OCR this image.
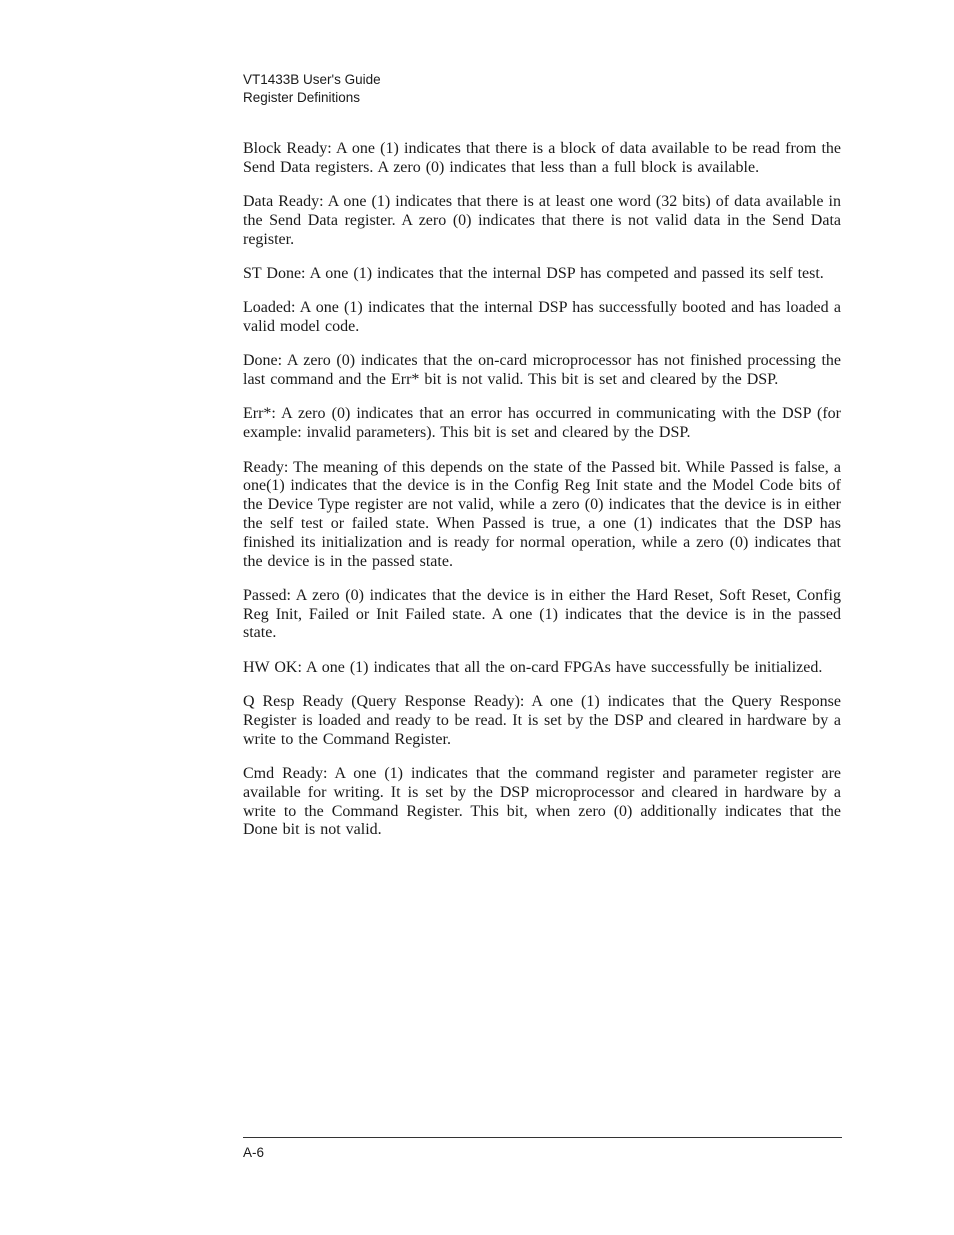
VT1433B User's Guide
Register Definitions

Block Ready: A one (1) indicates that there is a block of data available to be read from the Send Data registers. A zero (0) indicates that less than a full block is available.

Data Ready: A one (1) indicates that there is at least one word (32 bits) of data available in the Send Data register. A zero (0) indicates that there is not valid data in the Send Data register.

ST Done: A one (1) indicates that the internal DSP has competed and passed its self test.

Loaded: A one (1) indicates that the internal DSP has successfully booted and has loaded a valid model code.

Done: A zero (0) indicates that the on-card microprocessor has not finished processing the last command and the Err* bit is not valid. This bit is set and cleared by the DSP.

Err*: A zero (0) indicates that an error has occurred in communicating with the DSP (for example: invalid parameters). This bit is set and cleared by the DSP.

Ready: The meaning of this depends on the state of the Passed bit. While Passed is false, a one(1) indicates that the device is in the Config Reg Init state and the Model Code bits of the Device Type register are not valid, while a zero (0) indicates that the device is in either the self test or failed state. When Passed is true, a one (1) indicates that the DSP has finished its initialization and is ready for normal operation, while a zero (0) indicates that the device is in the passed state.

Passed: A zero (0) indicates that the device is in either the Hard Reset, Soft Reset, Config Reg Init, Failed or Init Failed state. A one (1) indicates that the device is in the passed state.

HW OK: A one (1) indicates that all the on-card FPGAs have successfully be initialized.

Q Resp Ready (Query Response Ready): A one (1) indicates that the Query Response Register is loaded and ready to be read. It is set by the DSP and cleared in hardware by a write to the Command Register.

Cmd Ready: A one (1) indicates that the command register and parameter register are available for writing. It is set by the DSP microprocessor and cleared in hardware by a write to the Command Register. This bit, when zero (0) additionally indicates that the Done bit is not valid.

A-6
